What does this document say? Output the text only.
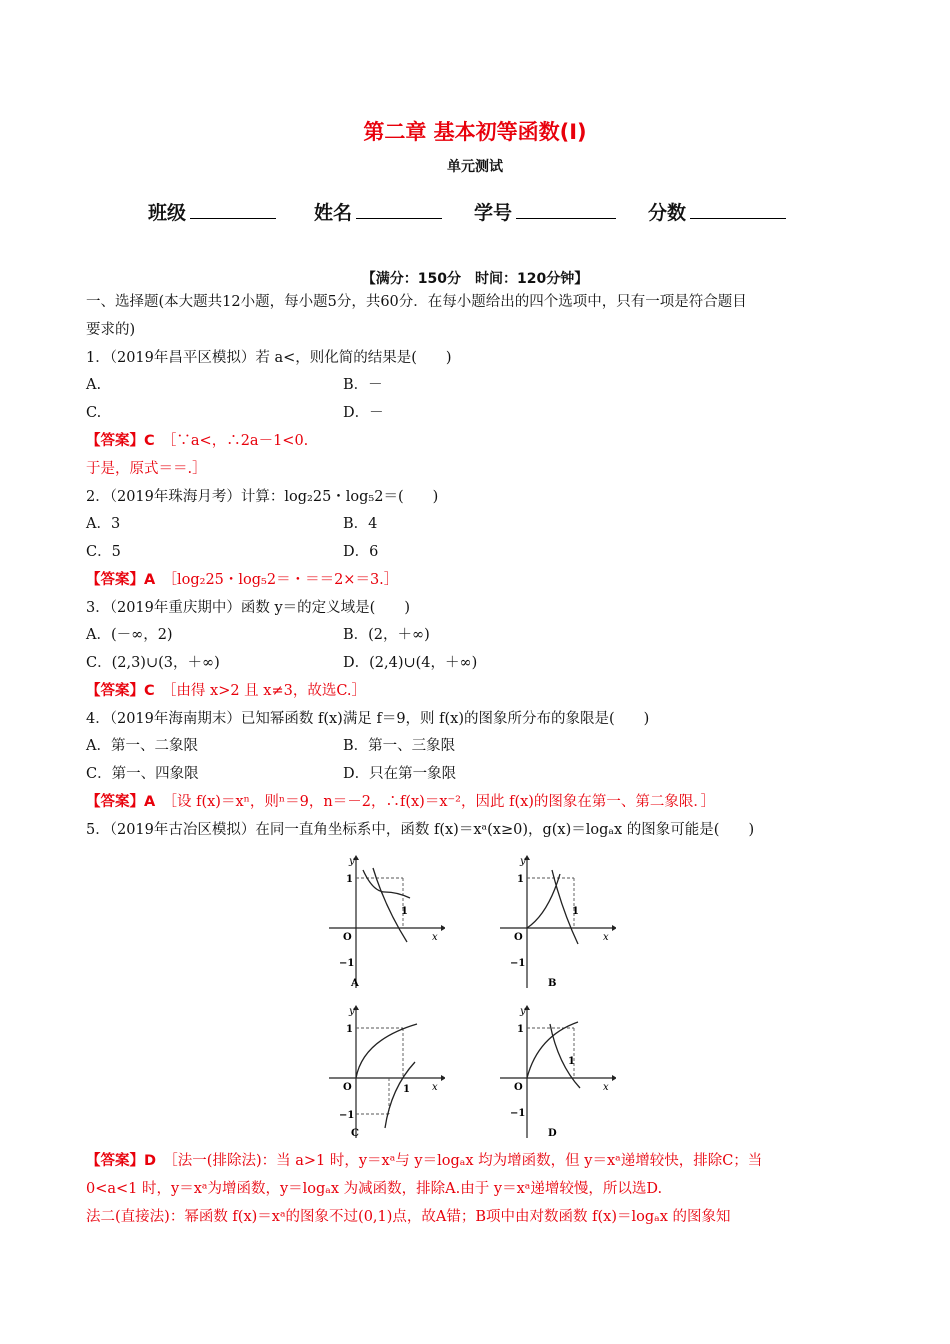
第二章 基本初等函数(Ⅰ)
单元测试
班级	姓名	学号	分数
【满分：150分　时间：120分钟】
一、选择题(本大题共12小题，每小题5分，共60分．在每小题给出的四个选项中，只有一项是符合题目
要求的)
1．（2019年昌平区模拟）若 a<，则化简的结果是(　　)
A.	B．－
C.	D．－
【答案】C　 ［∵a<，∴2a－1<0.
于是，原式＝＝.］
2．（2019年珠海月考）计算：log₂25・log₅2＝(　　)
A．3	B．4
C．5	D．6
【答案】A　 ［log₂25・log₅2＝・＝＝2×＝3.］
3．（2019年重庆期中）函数 y＝的定义域是(　　)
A．(－∞，2)	B．(2，＋∞)
C．(2,3)∪(3，＋∞)	D．(2,4)∪(4，＋∞)
【答案】C　 ［由得 x>2 且 x≠3，故选C.］
4．（2019年海南期末）已知幂函数 f(x)满足 f＝9，则 f(x)的图象所分布的象限是(　　)
A．第一、二象限	B．第一、三象限
C．第一、四象限	D．只在第一象限
【答案】A　 ［设 f(x)＝xⁿ，则ⁿ＝9，n＝－2，∴f(x)＝x⁻²，因此 f(x)的图象在第一、第二象限．］
5．（2019年古冶区模拟）在同一直角坐标系中，函数 f(x)＝xᵃ(x≥0)，g(x)＝logₐx 的图象可能是(　　)
y
x
O
1
1
−1
A
y
x
O
1
1
−1
B
y
x
O
1
1
−1
C
y
x
O
1
1
−1
D
【答案】D　 ［法一(排除法)：当 a>1 时，y＝xᵃ与 y＝logₐx 均为增函数，但 y＝xᵃ递增较快，排除C；当
0<a<1 时，y＝xᵃ为增函数，y＝logₐx 为减函数，排除A.由于 y＝xᵃ递增较慢，所以选D.
法二(直接法)：幂函数 f(x)＝xᵃ的图象不过(0,1)点，故A错；B项中由对数函数 f(x)＝logₐx 的图象知
